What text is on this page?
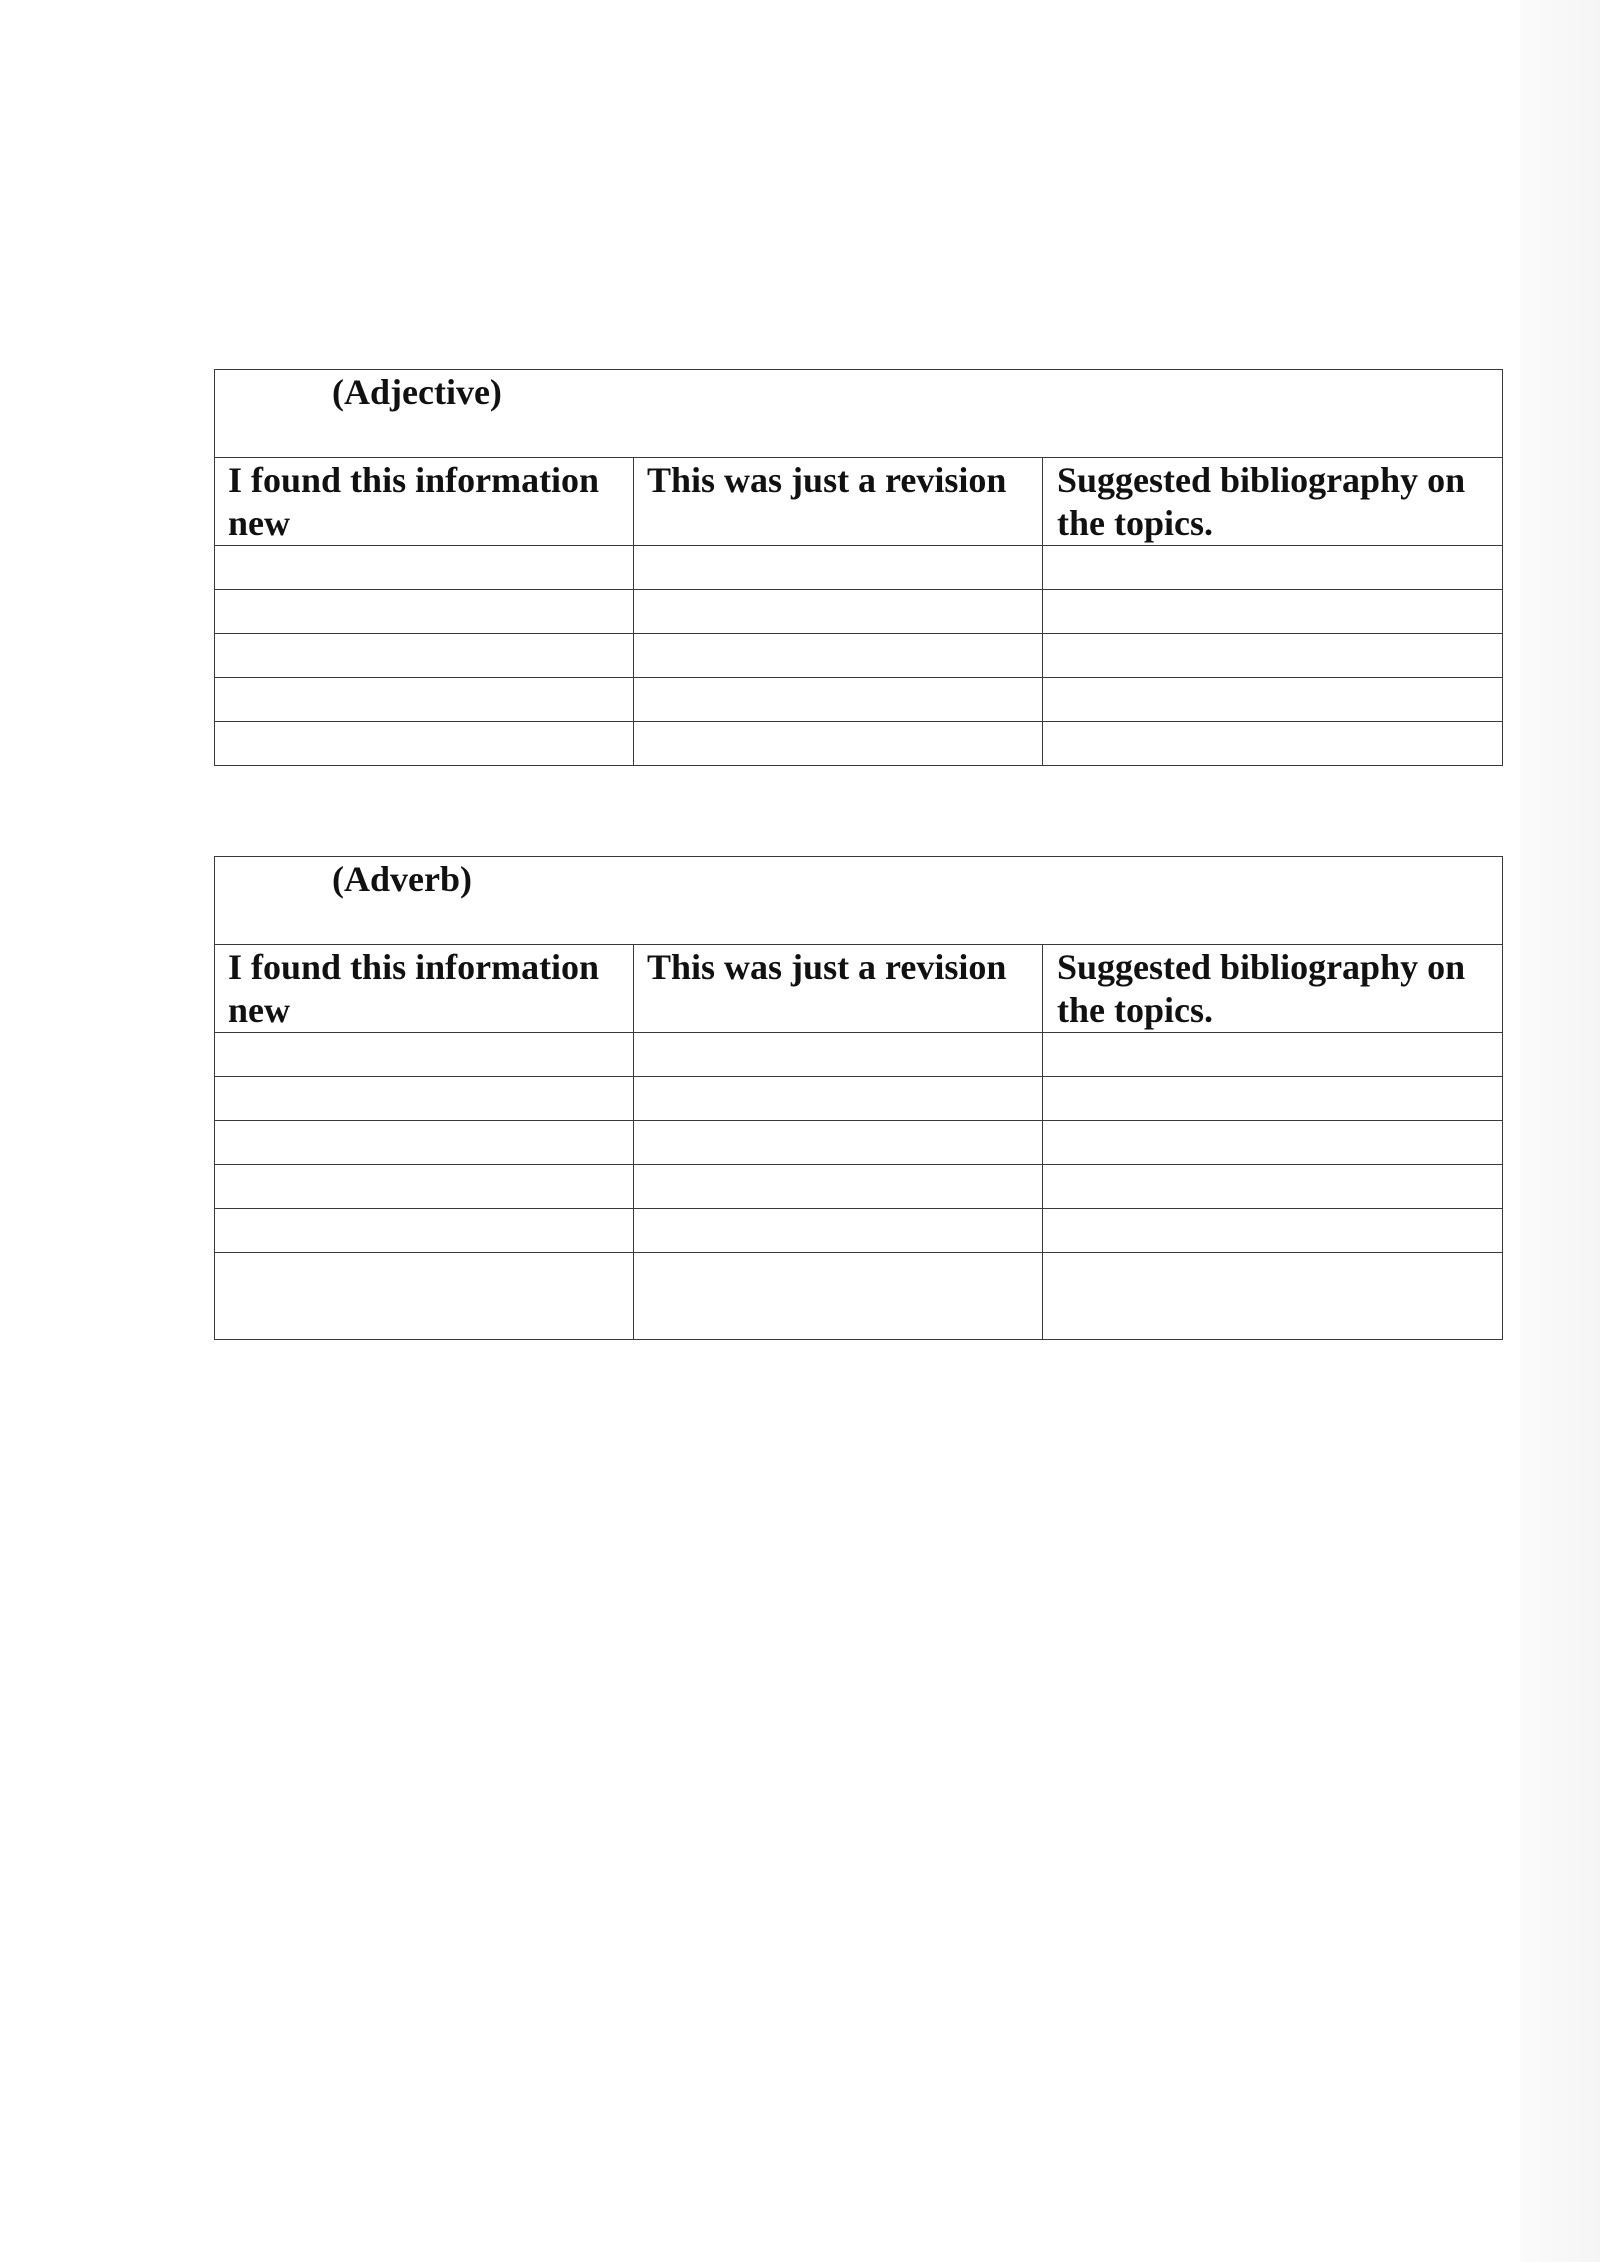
(Adjective)		

I found this information new	This was just a revision	Suggested bibliography on the topics.

(Adverb)		

I found this information new	This was just a revision	Suggested bibliography on the topics.
